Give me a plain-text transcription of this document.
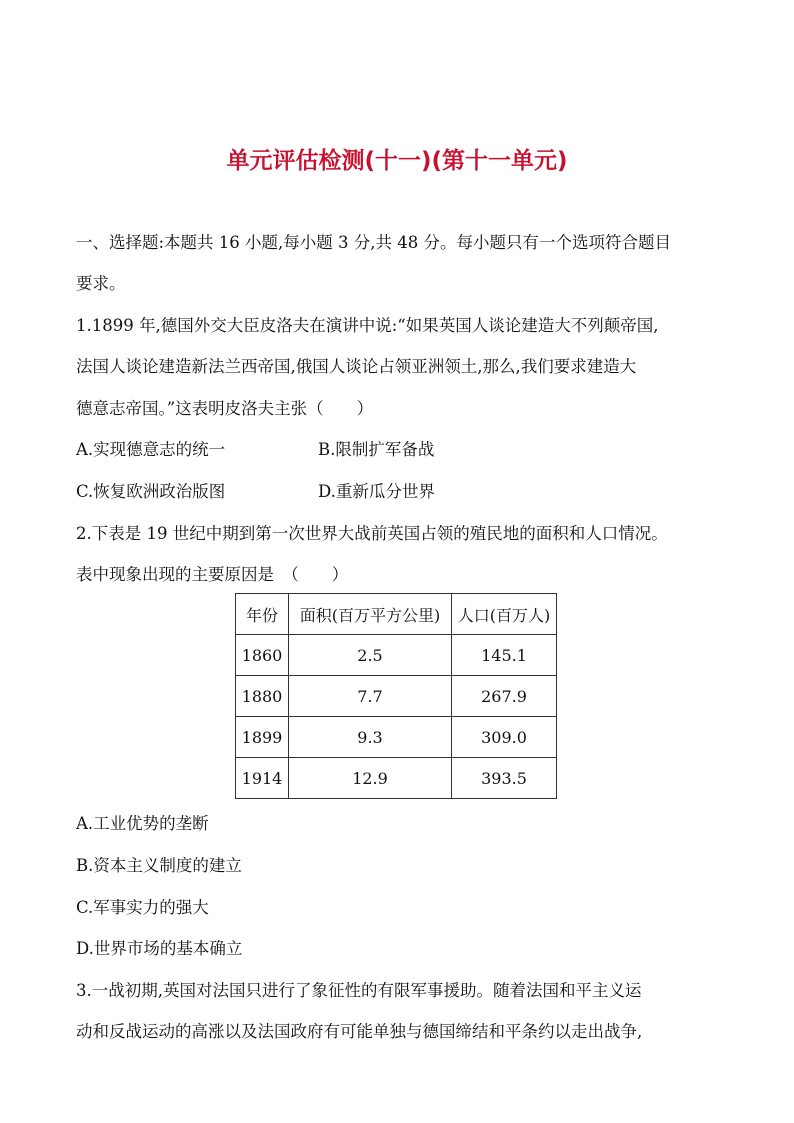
单元评估检测(十一)(第十一单元)
一、选择题:本题共 16 小题,每小题 3 分,共 48 分。每小题只有一个选项符合题目
要求。
1.1899 年,德国外交大臣皮洛夫在演讲中说:“如果英国人谈论建造大不列颠帝国,
法国人谈论建造新法兰西帝国,俄国人谈论占领亚洲领土,那么,我们要求建造大
德意志帝国。”这表明皮洛夫主张（　　）
A.实现德意志的统一	B.限制扩军备战
C.恢复欧洲政治版图	D.重新瓜分世界
2.下表是 19 世纪中期到第一次世界大战前英国占领的殖民地的面积和人口情况。
表中现象出现的主要原因是　（　　）
年份	面积(百万平方公里)	人口(百万人)
1860	2.5	145.1
1880	7.7	267.9
1899	9.3	309.0
1914	12.9	393.5
A.工业优势的垄断
B.资本主义制度的建立
C.军事实力的强大
D.世界市场的基本确立
3.一战初期,英国对法国只进行了象征性的有限军事援助。随着法国和平主义运
动和反战运动的高涨以及法国政府有可能单独与德国缔结和平条约以走出战争,
